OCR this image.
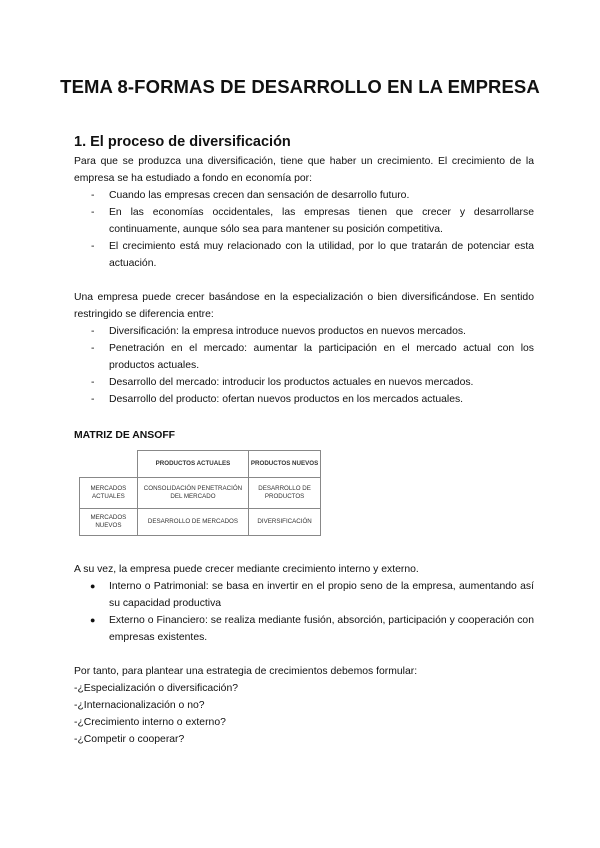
TEMA 8-FORMAS DE DESARROLLO EN LA EMPRESA
1. El proceso de diversificación

Para que se produzca una diversificación, tiene que haber un crecimiento. El crecimiento de la empresa se ha estudiado a fondo en economía por:

- Cuando las empresas crecen dan sensación de desarrollo futuro.
- En las economías occidentales, las empresas tienen que crecer y desarrollarse continuamente, aunque sólo sea para mantener su posición competitiva.
- El crecimiento está muy relacionado con la utilidad, por lo que tratarán de potenciar esta actuación.

Una empresa puede crecer basándose en la especialización o bien diversificándose. En sentido restringido se diferencia entre:

- Diversificación: la empresa introduce nuevos productos en nuevos mercados.
- Penetración en el mercado: aumentar la participación en el mercado actual con los productos actuales.
- Desarrollo del mercado: introducir los productos actuales en nuevos mercados.
- Desarrollo del producto: ofertan nuevos productos en los mercados actuales.
MATRIZ DE ANSOFF
	PRODUCTOS ACTUALES	PRODUCTOS NUEVOS
MERCADOS ACTUALES	CONSOLIDACIÓN PENETRACIÓN DEL MERCADO	DESARROLLO DE PRODUCTOS
MERCADOS NUEVOS	DESARROLLO DE MERCADOS	DIVERSIFICACIÓN

A su vez, la empresa puede crecer mediante crecimiento interno y externo.

● Interno o Patrimonial: se basa en invertir en el propio seno de la empresa, aumentando así su capacidad productiva
● Externo o Financiero: se realiza mediante fusión, absorción, participación y cooperación con empresas existentes.

Por tanto, para plantear una estrategia de crecimientos debemos formular:

-¿Especialización o diversificación?

-¿Internacionalización o no?

-¿Crecimiento interno o externo?

-¿Competir o cooperar?
